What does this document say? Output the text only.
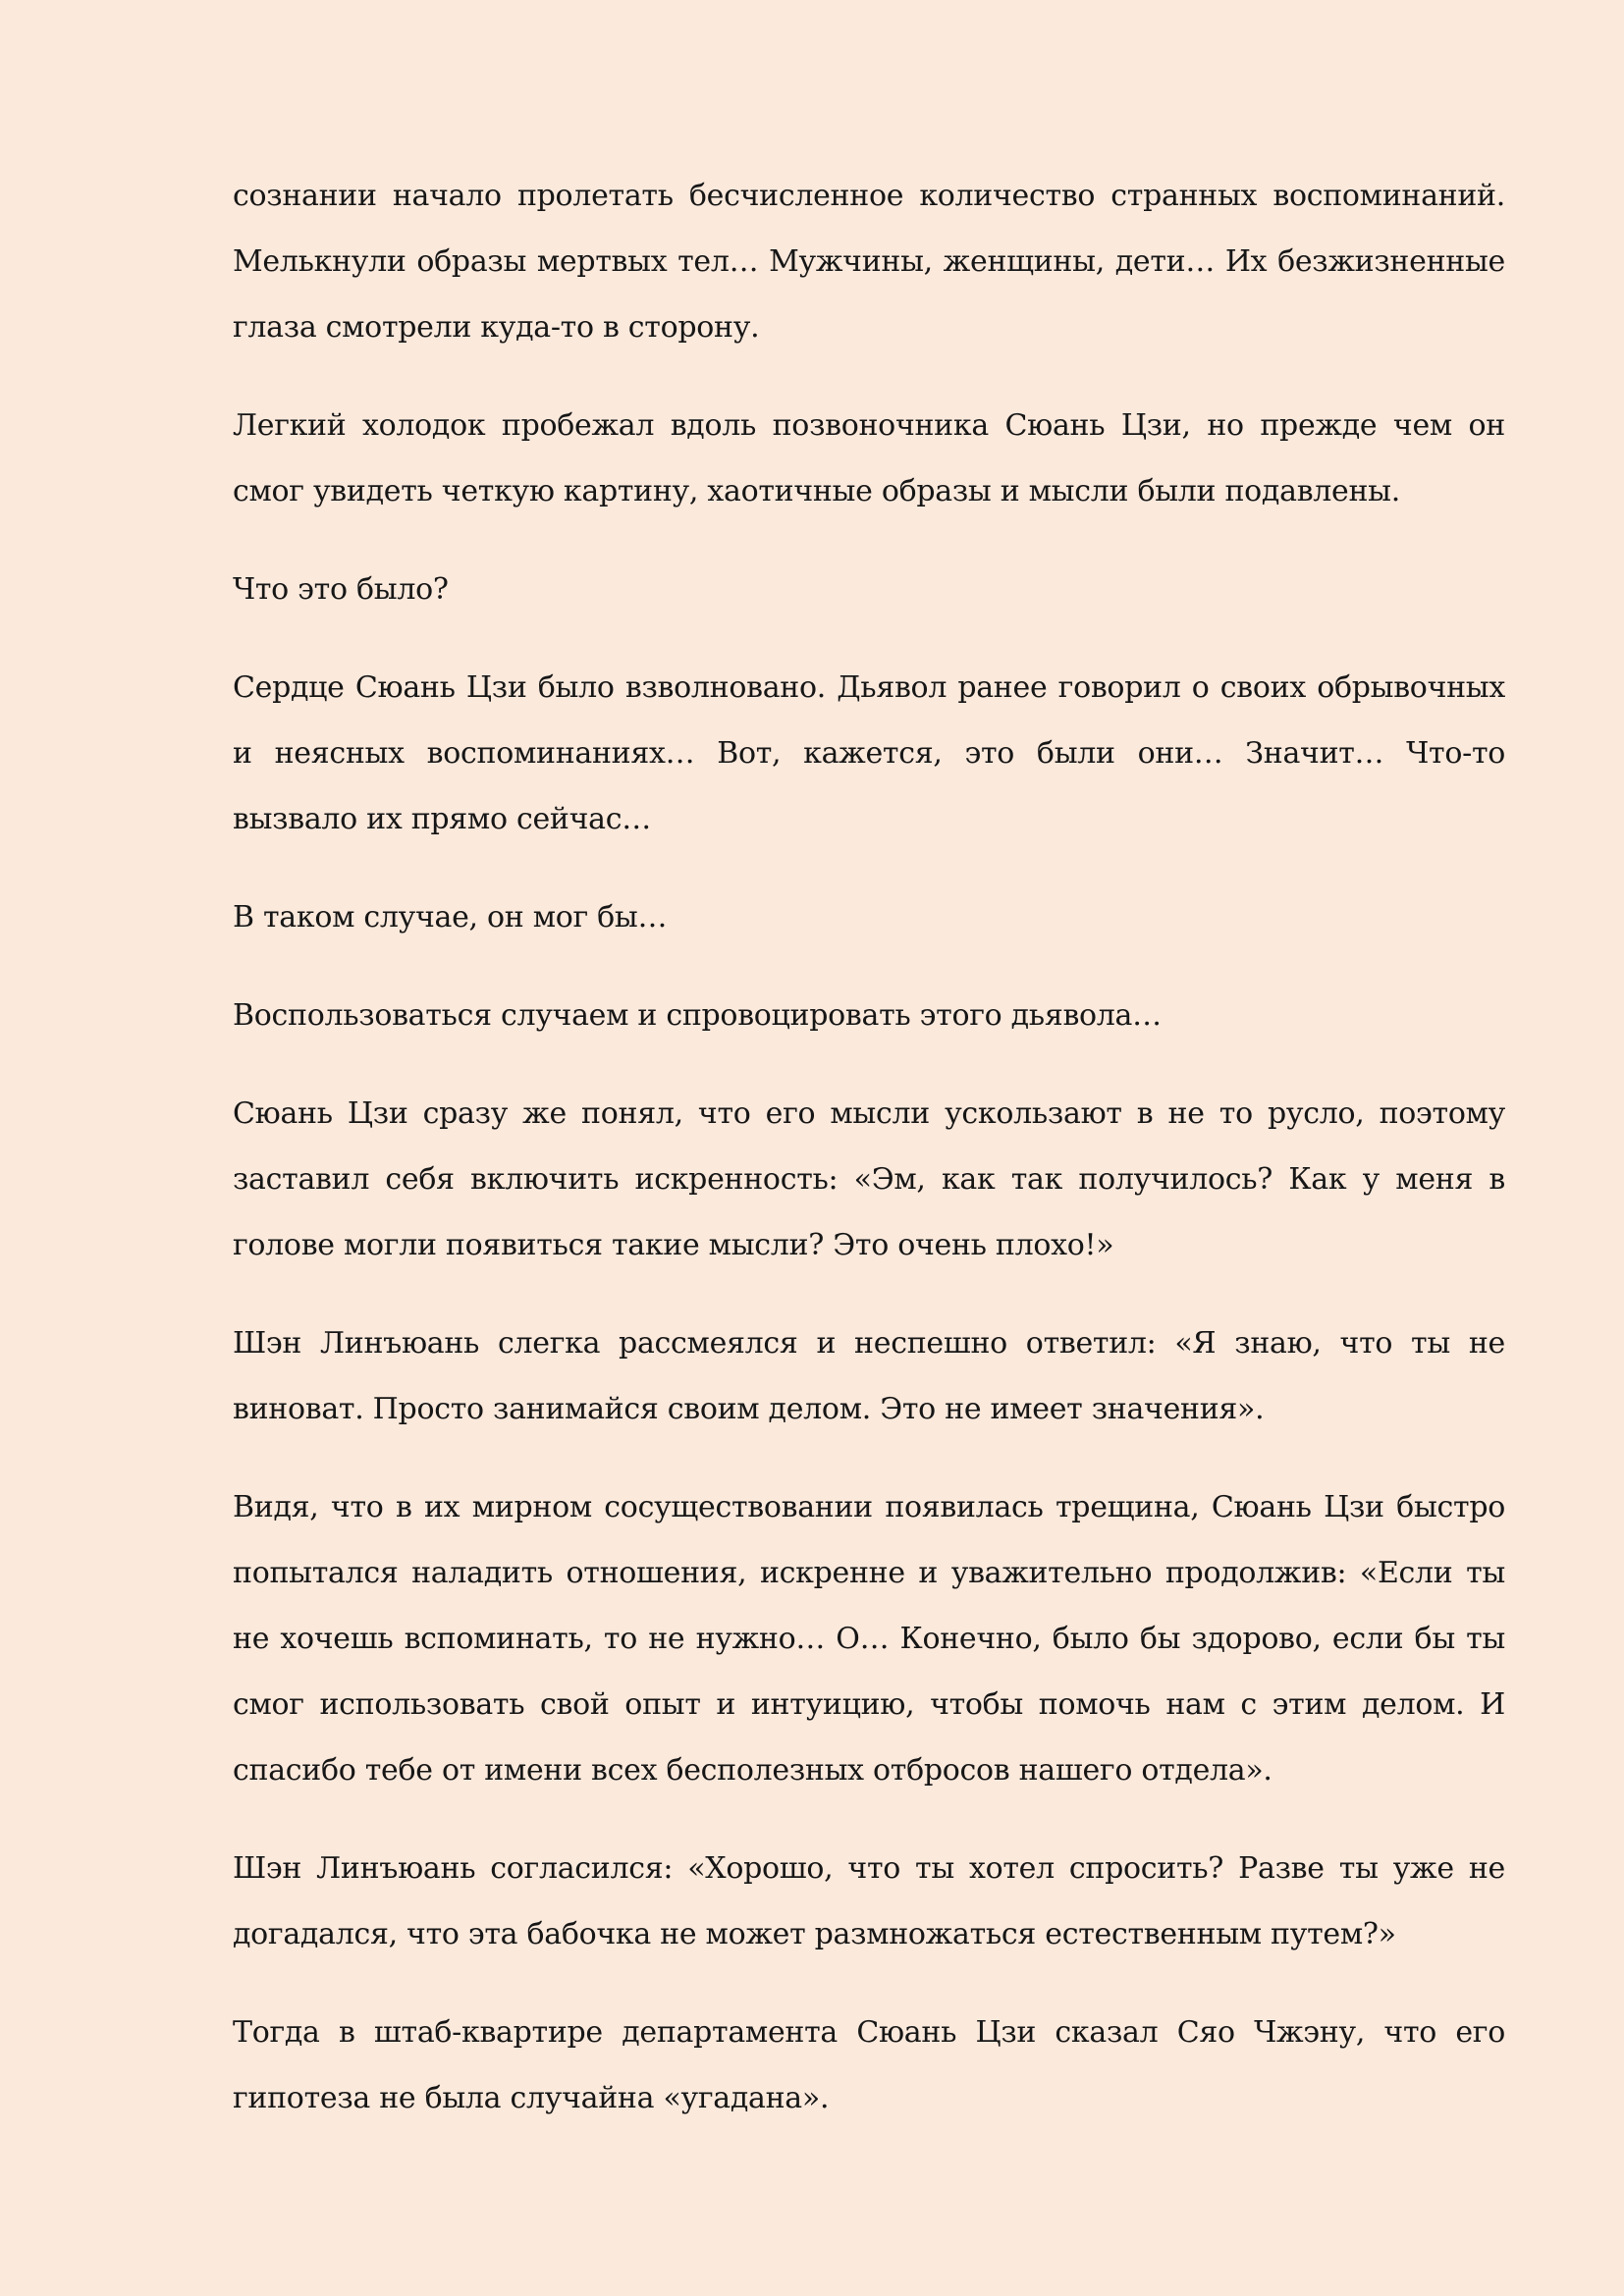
сознании начало пролетать бесчисленное количество странных воспоминаний. Мелькнули образы мертвых тел… Мужчины, женщины, дети… Их безжизненные глаза смотрели куда-то в сторону.

Легкий холодок пробежал вдоль позвоночника Сюань Цзи, но прежде чем он смог увидеть четкую картину, хаотичные образы и мысли были подавлены.

Что это было?

Сердце Сюань Цзи было взволновано. Дьявол ранее говорил о своих обрывочных и неясных воспоминаниях… Вот, кажется, это были они… Значит… Что-то вызвало их прямо сейчас…

В таком случае, он мог бы…

Воспользоваться случаем и спровоцировать этого дьявола…

Сюань Цзи сразу же понял, что его мысли ускользают в не то русло, поэтому заставил себя включить искренность: «Эм, как так получилось? Как у меня в голове могли появиться такие мысли? Это очень плохо!»

Шэн Линъюань слегка рассмеялся и неспешно ответил: «Я знаю, что ты не виноват. Просто занимайся своим делом. Это не имеет значения».

Видя, что в их мирном сосуществовании появилась трещина, Сюань Цзи быстро попытался наладить отношения, искренне и уважительно продолжив: «Если ты не хочешь вспоминать, то не нужно… О… Конечно, было бы здорово, если бы ты смог использовать свой опыт и интуицию, чтобы помочь нам с этим делом. И спасибо тебе от имени всех бесполезных отбросов нашего отдела».

Шэн Линъюань согласился: «Хорошо, что ты хотел спросить? Разве ты уже не догадался, что эта бабочка не может размножаться естественным путем?»

Тогда в штаб-квартире департамента Сюань Цзи сказал Сяо Чжэну, что его гипотеза не была случайна «угадана».
